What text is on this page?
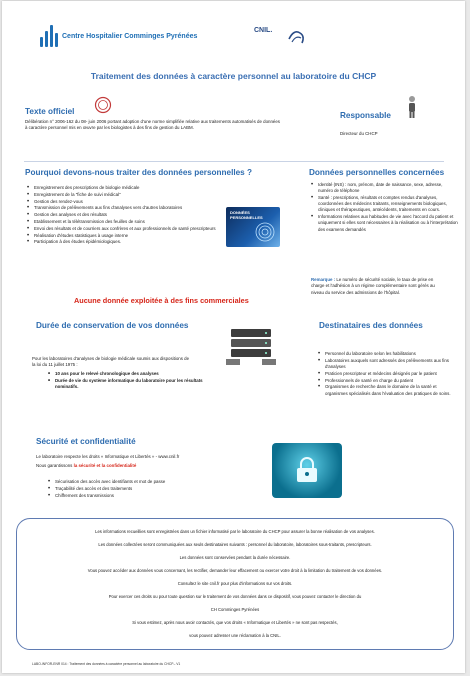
Centre Hospitalier Comminges Pyrénées
CNIL.
Traitement des données à caractère personnel au laboratoire du CHCP
Texte officiel
Délibération n° 2006-162 du 08- juin 2006 portant adoption d'une norme simplifiée relative aux traitements automatisés de données à caractère personnel mis en œuvre par les biologistes à des fins de gestion du LABM.
Responsable
Directeur du CHCP
Pourquoi devons-nous traiter des données personnelles ?
• Enregistrement des prescriptions de biologie médicale
• Enregistrement de la "fiche de suivi médical"
• Gestion des rendez-vous
• Transmission de prélèvements aux fins d'analyses vers d'autres laboratoires
• Gestion des analyses et des résultats
• Etablissement et la télétransmission des feuilles de soins
• Envoi des résultats et de courriers aux confrères et aux professionnels de santé prescripteurs
• Réalisation d'études statistiques à usage interne
• Participation à des études épidémiologiques.
DONNÉES PERSONNELLES
Données personnelles concernées
• Identité (INS) : nom, prénom, date de naissance, sexe, adresse, numéro de téléphone
• Santé : prescriptions, résultats et comptes rendus d'analyses, coordonnées des médecins traitants, renseignements biologiques, cliniques et thérapeutiques, antécédents, traitements en cours.
• Informations relatives aux habitudes de vie avec l'accord du patient et uniquement si elles sont nécessaires à la réalisation ou à l'interprétation des examens demandés
Remarque : Le numéro de sécurité sociale, le taux de prise en charge et l'adhésion à un régime complémentaire sont gérés au niveau du service des admissions de l'hôpital.
Aucune donnée exploitée à des fins commerciales
Durée de conservation de vos données
Pour les laboratoires d'analyses de biologie médicale soumis aux dispositions de la loi du 11 juillet 1975 :
• 10 ans pour le relevé chronologique des analyses
• Durée de vie du système informatique du laboratoire pour les résultats nominatifs.
Destinataires des données
• Personnel du laboratoire selon les habilitations
• Laboratoires auxquels sont adressés des prélèvements aux fins d'analyses
• Praticien prescripteur et médecins désignés par le patient
• Professionnels de santé en charge du patient
• Organismes de recherche dans le domaine de la santé et organismes spécialisés dans l'évaluation des pratiques de soins.
Sécurité et confidentialité
Le laboratoire respecte les droits « Informatique et Libertés » - www.cnil.fr
Nous garantissons la sécurité et la confidentialité
• Sécurisation des accès avec identifiants et mot de passe
• Traçabilité des accès et des traitements
• Chiffrement des transmissions
Les informations recueillies sont enregistrées dans un fichier informatisé par le laboratoire du CHCP pour assurer la bonne réalisation de vos analyses.
Les données collectées seront communiquées aux seuls destinataires suivants : personnel du laboratoire, laboratoires sous-traitants, prescripteurs.
Les données sont conservées pendant la durée nécessaire.
Vous pouvez accéder aux données vous concernant, les rectifier, demander leur effacement ou exercer votre droit à la limitation du traitement de vos données.
Consultez le site cnil.fr pour plus d'informations sur vos droits.
Pour exercer ces droits ou pour toute question sur le traitement de vos données dans ce dispositif, vous pouvez contacter le direction du
CH Comminges Pyrénées
Si vous estimez, après nous avoir contactés, que vos droits « Informatique et Libertés » ne sont pas respectés,
vous pouvez adresser une réclamation à la CNIL.
LABO-INFOR-ENR 014 : Traitement des données à caractère personnel au laboratoire du CHCP– V1
